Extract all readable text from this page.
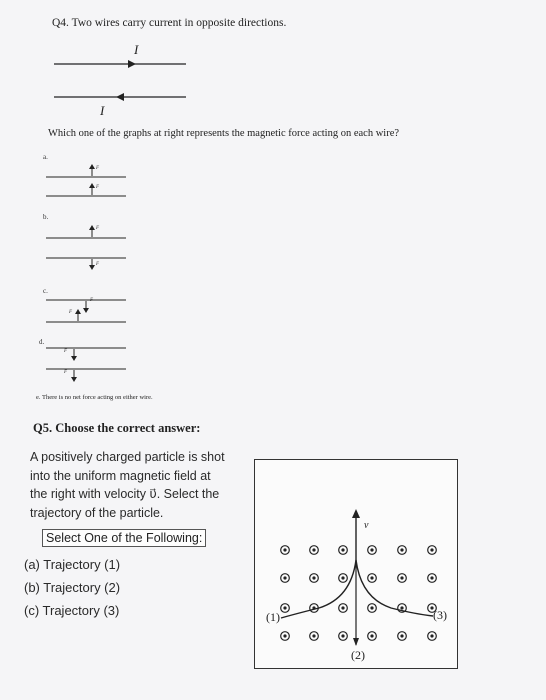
Q4. Two wires carry current in opposite directions.
I
I
Which one of the graphs at right represents the magnetic force acting on each wire?
a.
F
F
b.
F
F
c.
F
F
d.
F
F
e. There is no net force acting on either wire.
Q5. Choose the correct answer:
A positively charged particle is shot
into the uniform magnetic field at
the right with velocity υ⃗. Select the
trajectory of the particle.
Select One of the Following:
(a) Trajectory (1)
(b) Trajectory (2)
(c) Trajectory (3)
v⃗
(1)
(2)
(3)
